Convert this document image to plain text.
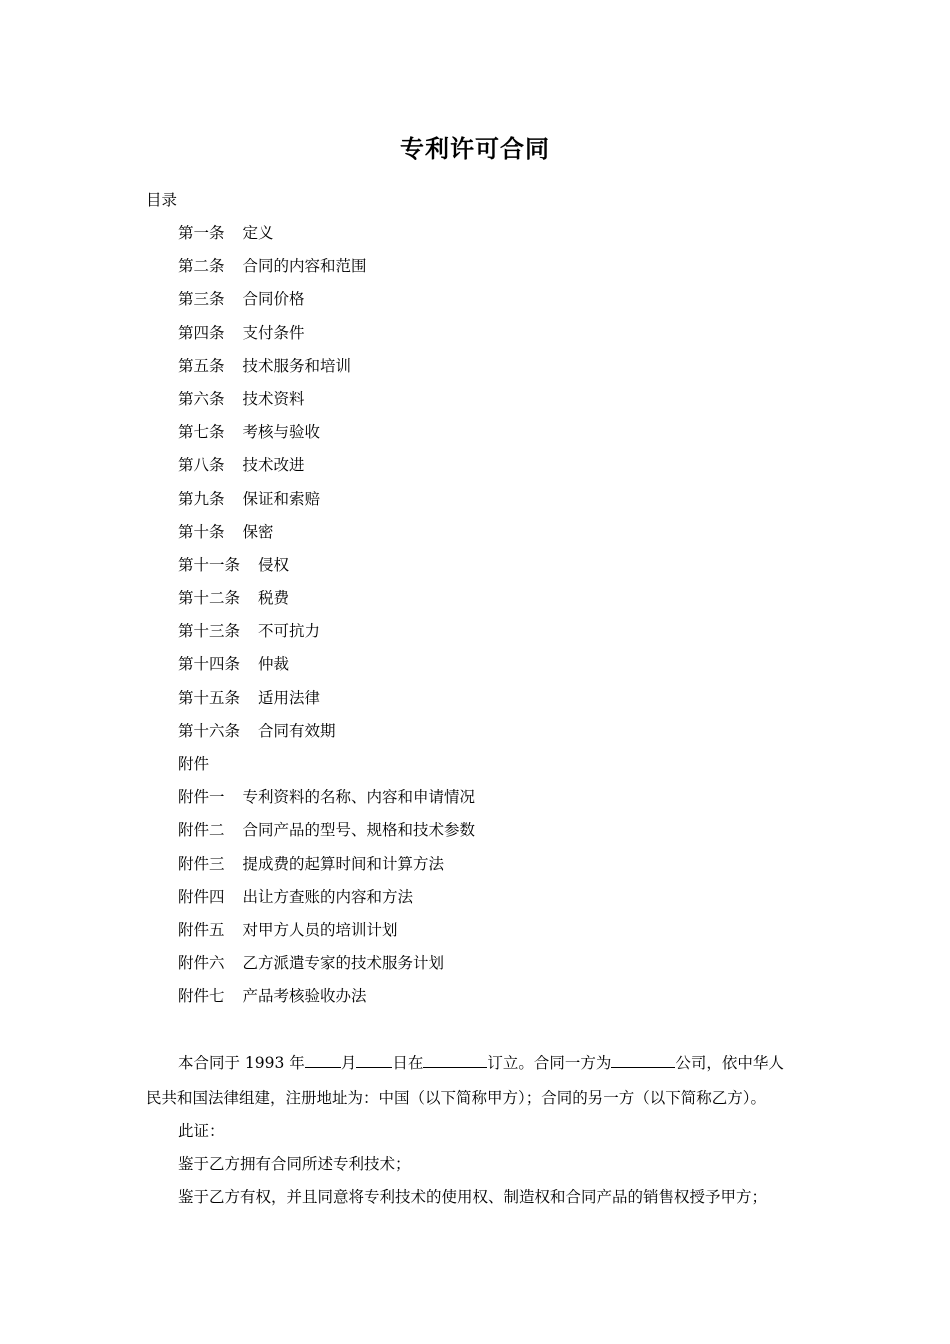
专利许可合同
目录
第一条 定义
第二条 合同的内容和范围
第三条 合同价格
第四条 支付条件
第五条 技术服务和培训
第六条 技术资料
第七条 考核与验收
第八条 技术改进
第九条 保证和索赔
第十条 保密
第十一条 侵权
第十二条 税费
第十三条 不可抗力
第十四条 仲裁
第十五条 适用法律
第十六条 合同有效期
附件
附件一 专利资料的名称、内容和申请情况
附件二 合同产品的型号、规格和技术参数
附件三 提成费的起算时间和计算方法
附件四 出让方查账的内容和方法
附件五 对甲方人员的培训计划
附件六 乙方派遣专家的技术服务计划
附件七 产品考核验收办法

本合同于 1993 年 月 日在	订立。合同一方为	公司，依中华人

民共和国法律组建，注册地址为：中国（以下简称甲方）；合同的另一方（以下简称乙方）。

此证：

鉴于乙方拥有合同所述专利技术；

鉴于乙方有权，并且同意将专利技术的使用权、制造权和合同产品的销售权授予甲方；
